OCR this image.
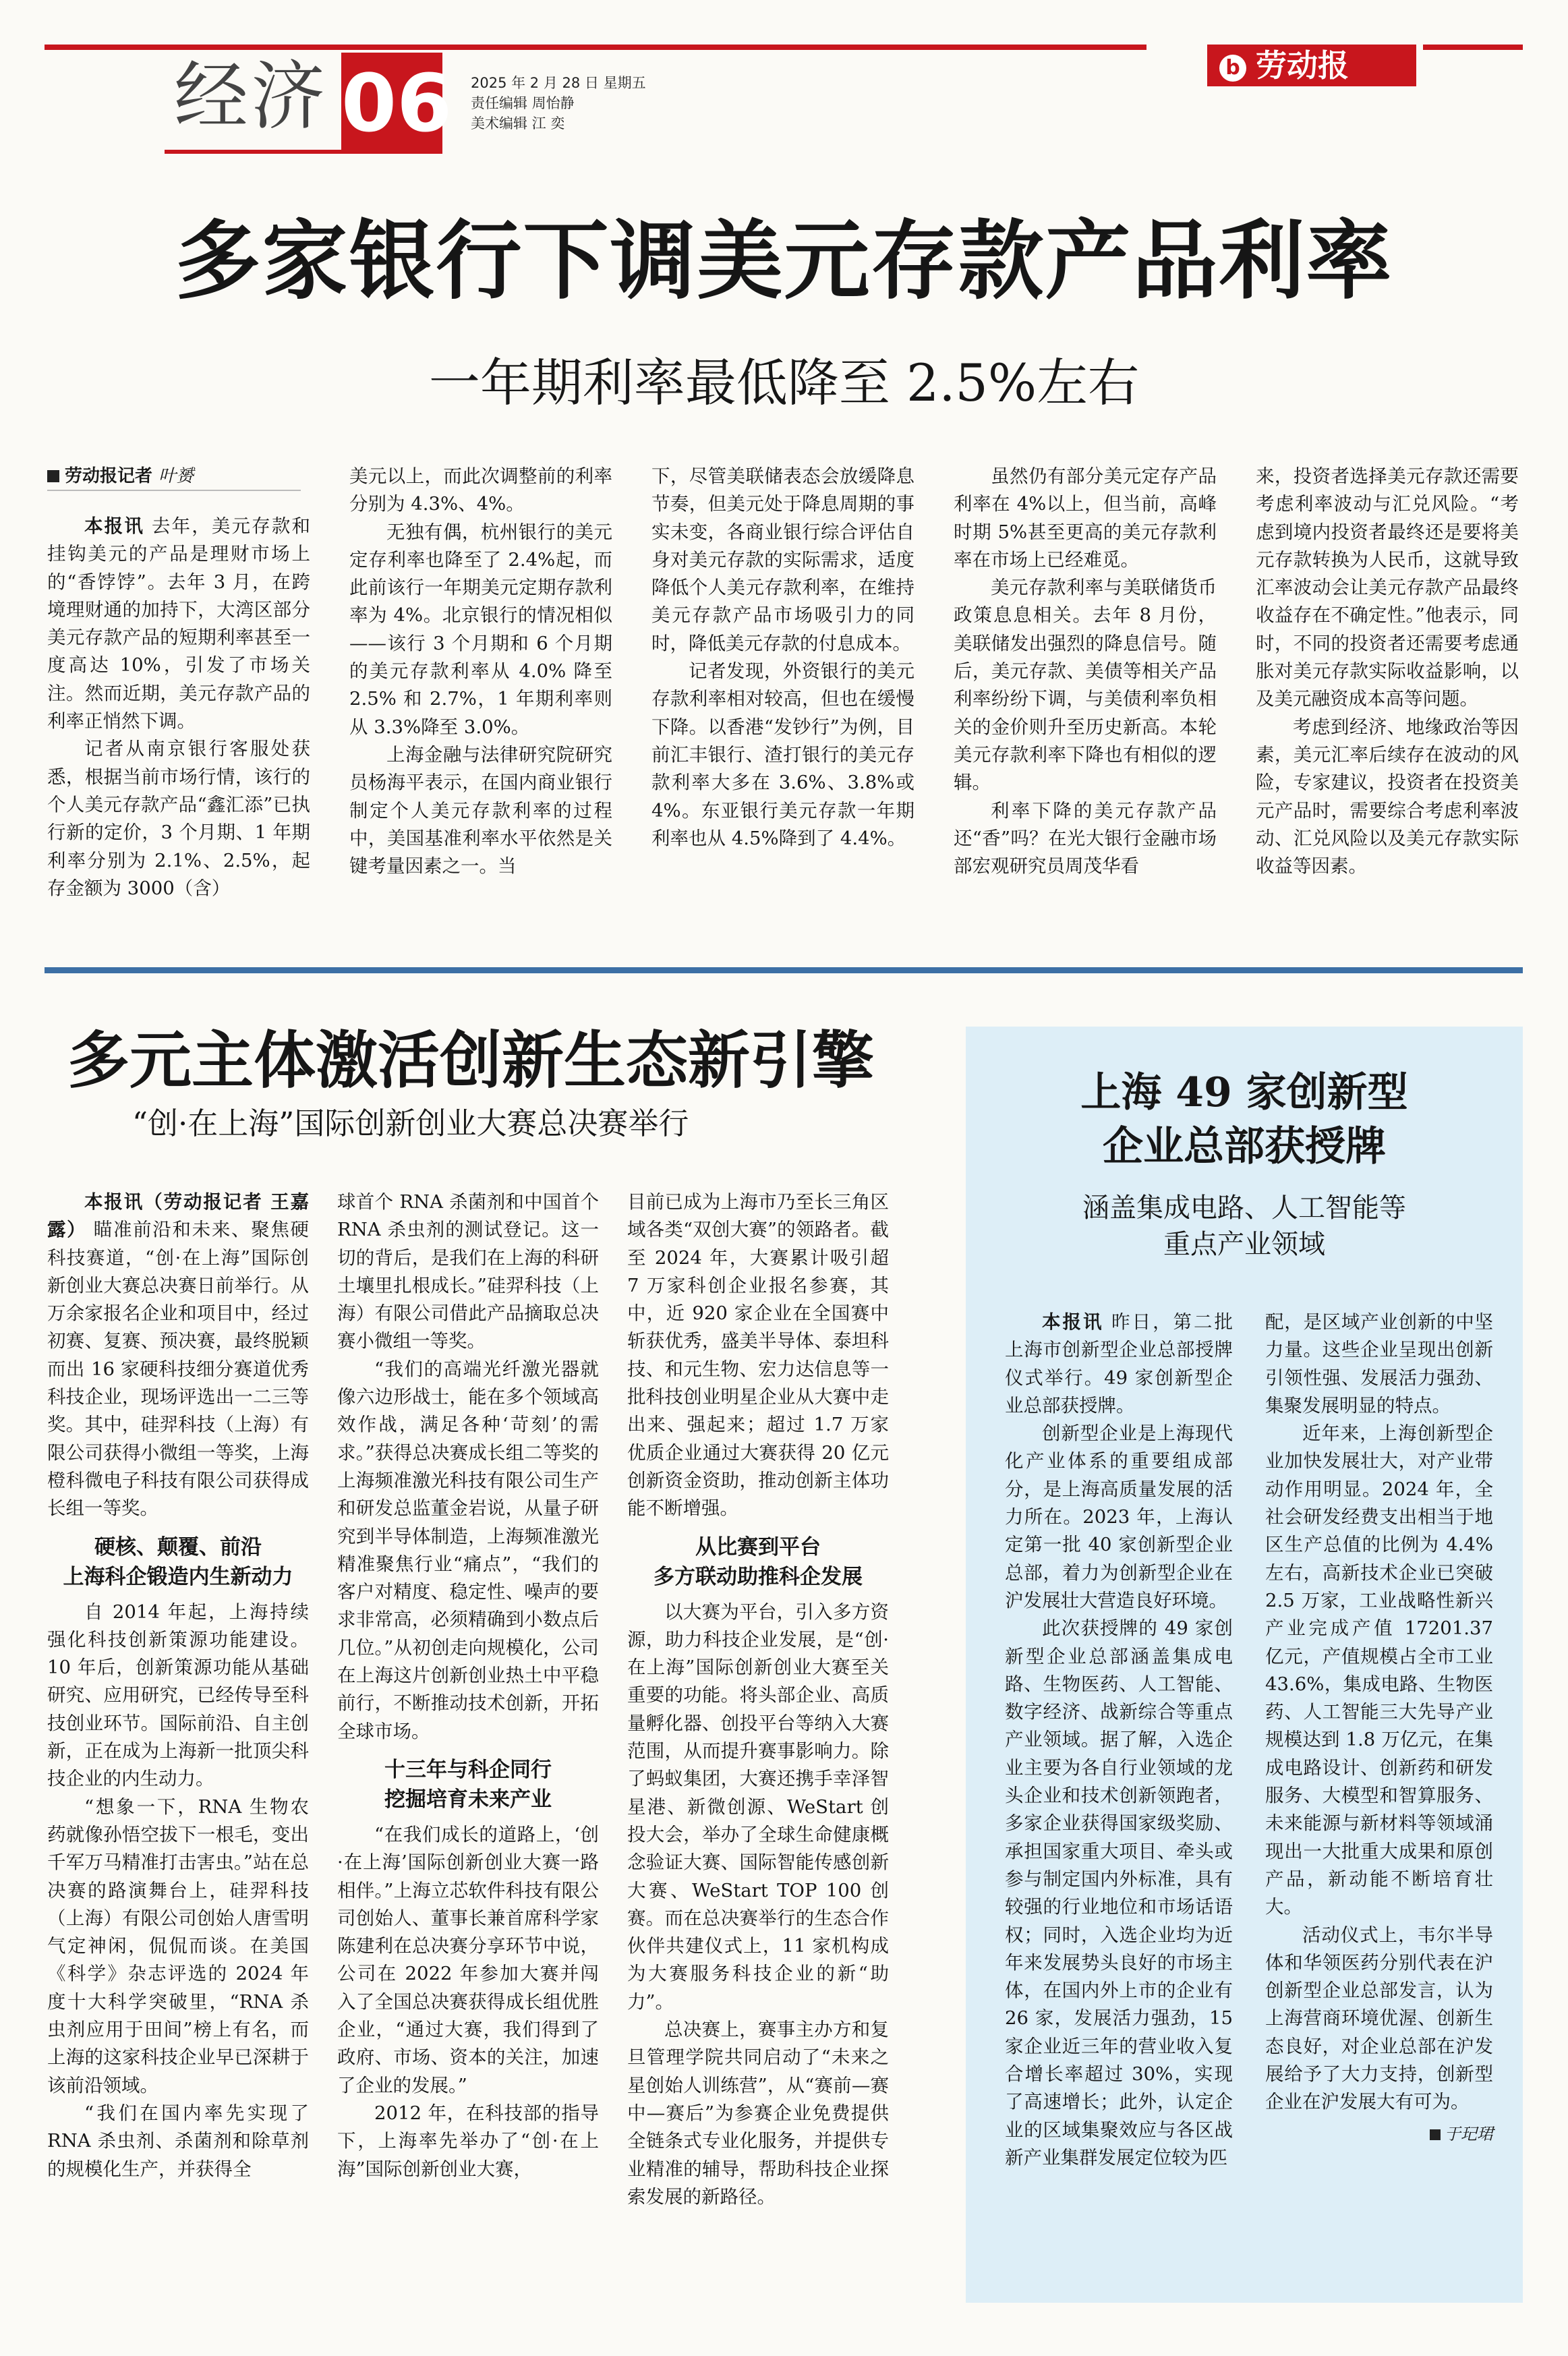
经济 06 2025 年 2 月 28 日 星期五
责任编辑 周怡静
美术编辑 江 奕
b 劳动报
多家银行下调美元存款产品利率
一年期利率最低降至 2.5%左右
劳动报记者 叶赟

本报讯 去年，美元存款和挂钩美元的产品是理财市场上的“香饽饽”。去年 3 月，在跨境理财通的加持下，大湾区部分美元存款产品的短期利率甚至一度高达 10%，引发了市场关注。然而近期，美元存款产品的利率正悄然下调。

记者从南京银行客服处获悉，根据当前市场行情，该行的个人美元存款产品“鑫汇添”已执行新的定价，3 个月期、1 年期利率分别为 2.1%、2.5%，起存金额为 3000（含）

美元以上，而此次调整前的利率分别为 4.3%、4%。

无独有偶，杭州银行的美元定存利率也降至了 2.4%起，而此前该行一年期美元定期存款利率为 4%。北京银行的情况相似——该行 3 个月期和 6 个月期的美元存款利率从 4.0% 降至 2.5% 和 2.7%，1 年期利率则从 3.3%降至 3.0%。

上海金融与法律研究院研究员杨海平表示，在国内商业银行制定个人美元存款利率的过程中，美国基准利率水平依然是关键考量因素之一。当

下，尽管美联储表态会放缓降息节奏，但美元处于降息周期的事实未变，各商业银行综合评估自身对美元存款的实际需求，适度降低个人美元存款利率，在维持美元存款产品市场吸引力的同时，降低美元存款的付息成本。

记者发现，外资银行的美元存款利率相对较高，但也在缓慢下降。以香港“发钞行”为例，目前汇丰银行、渣打银行的美元存款利率大多在 3.6%、3.8%或 4%。东亚银行美元存款一年期利率也从 4.5%降到了 4.4%。

虽然仍有部分美元定存产品利率在 4%以上，但当前，高峰时期 5%甚至更高的美元存款利率在市场上已经难觅。

美元存款利率与美联储货币政策息息相关。去年 8 月份，美联储发出强烈的降息信号。随后，美元存款、美债等相关产品利率纷纷下调，与美债利率负相关的金价则升至历史新高。本轮美元存款利率下降也有相似的逻辑。

利率下降的美元存款产品还“香”吗？在光大银行金融市场部宏观研究员周茂华看

来，投资者选择美元存款还需要考虑利率波动与汇兑风险。“考虑到境内投资者最终还是要将美元存款转换为人民币，这就导致汇率波动会让美元存款产品最终收益存在不确定性。”他表示，同时，不同的投资者还需要考虑通胀对美元存款实际收益影响，以及美元融资成本高等问题。

考虑到经济、地缘政治等因素，美元汇率后续存在波动的风险，专家建议，投资者在投资美元产品时，需要综合考虑利率波动、汇兑风险以及美元存款实际收益等因素。

多元主体激活创新生态新引擎
“创·在上海”国际创新创业大赛总决赛举行

本报讯（劳动报记者 王嘉露） 瞄准前沿和未来、聚焦硬科技赛道，“创·在上海”国际创新创业大赛总决赛日前举行。从万余家报名企业和项目中，经过初赛、复赛、预决赛，最终脱颖而出 16 家硬科技细分赛道优秀科技企业，现场评选出一二三等奖。其中，硅羿科技（上海）有限公司获得小微组一等奖，上海橙科微电子科技有限公司获得成长组一等奖。

硬核、颠覆、前沿
上海科企锻造内生新动力

自 2014 年起，上海持续强化科技创新策源功能建设。10 年后，创新策源功能从基础研究、应用研究，已经传导至科技创业环节。国际前沿、自主创新，正在成为上海新一批顶尖科技企业的内生动力。

“想象一下，RNA 生物农药就像孙悟空拔下一根毛，变出千军万马精准打击害虫。”站在总决赛的路演舞台上，硅羿科技（上海）有限公司创始人唐雪明气定神闲，侃侃而谈。在美国《科学》杂志评选的 2024 年度十大科学突破里，“RNA 杀虫剂应用于田间”榜上有名，而上海的这家科技企业早已深耕于该前沿领域。

“我们在国内率先实现了 RNA 杀虫剂、杀菌剂和除草剂的规模化生产，并获得全

球首个 RNA 杀菌剂和中国首个 RNA 杀虫剂的测试登记。这一切的背后，是我们在上海的科研土壤里扎根成长。”硅羿科技（上海）有限公司借此产品摘取总决赛小微组一等奖。

“我们的高端光纤激光器就像六边形战士，能在多个领域高效作战，满足各种‘苛刻’的需求。”获得总决赛成长组二等奖的上海频准激光科技有限公司生产和研发总监董金岩说，从量子研究到半导体制造，上海频准激光精准聚焦行业“痛点”，“我们的客户对精度、稳定性、噪声的要求非常高，必须精确到小数点后几位。”从初创走向规模化，公司在上海这片创新创业热土中平稳前行，不断推动技术创新，开拓全球市场。

十三年与科企同行
挖掘培育未来产业

“在我们成长的道路上，‘创·在上海’国际创新创业大赛一路相伴。”上海立芯软件科技有限公司创始人、董事长兼首席科学家陈建利在总决赛分享环节中说，公司在 2022 年参加大赛并闯入了全国总决赛获得成长组优胜企业，“通过大赛，我们得到了政府、市场、资本的关注，加速了企业的发展。”

2012 年，在科技部的指导下，上海率先举办了“创·在上海”国际创新创业大赛，

目前已成为上海市乃至长三角区域各类“双创大赛”的领路者。截至 2024 年，大赛累计吸引超 7 万家科创企业报名参赛，其中，近 920 家企业在全国赛中斩获优秀，盛美半导体、泰坦科技、和元生物、宏力达信息等一批科技创业明星企业从大赛中走出来、强起来；超过 1.7 万家优质企业通过大赛获得 20 亿元创新资金资助，推动创新主体功能不断增强。

从比赛到平台
多方联动助推科企发展

以大赛为平台，引入多方资源，助力科技企业发展，是“创·在上海”国际创新创业大赛至关重要的功能。将头部企业、高质量孵化器、创投平台等纳入大赛范围，从而提升赛事影响力。除了蚂蚁集团，大赛还携手幸泽智星港、新微创源、WeStart 创投大会，举办了全球生命健康概念验证大赛、国际智能传感创新大赛、WeStart TOP 100 创赛。而在总决赛举行的生态合作伙伴共建仪式上，11 家机构成为大赛服务科技企业的新“助力”。

总决赛上，赛事主办方和复旦管理学院共同启动了“未来之星创始人训练营”，从“赛前—赛中—赛后”为参赛企业免费提供全链条式专业化服务，并提供专业精准的辅导，帮助科技企业探索发展的新路径。

上海 49 家创新型
企业总部获授牌
涵盖集成电路、人工智能等
重点产业领域

本报讯 昨日，第二批上海市创新型企业总部授牌仪式举行。49 家创新型企业总部获授牌。

创新型企业是上海现代化产业体系的重要组成部分，是上海高质量发展的活力所在。2023 年，上海认定第一批 40 家创新型企业总部，着力为创新型企业在沪发展壮大营造良好环境。

此次获授牌的 49 家创新型企业总部涵盖集成电路、生物医药、人工智能、数字经济、战新综合等重点产业领域。据了解，入选企业主要为各自行业领域的龙头企业和技术创新领跑者，多家企业获得国家级奖励、承担国家重大项目、牵头或参与制定国内外标准，具有较强的行业地位和市场话语权；同时，入选企业均为近年来发展势头良好的市场主体，在国内外上市的企业有 26 家，发展活力强劲，15 家企业近三年的营业收入复合增长率超过 30%，实现了高速增长；此外，认定企业的区域集聚效应与各区战新产业集群发展定位较为匹

配，是区域产业创新的中坚力量。这些企业呈现出创新引领性强、发展活力强劲、集聚发展明显的特点。

近年来，上海创新型企业加快发展壮大，对产业带动作用明显。2024 年，全社会研发经费支出相当于地区生产总值的比例为 4.4%左右，高新技术企业已突破 2.5 万家，工业战略性新兴产业完成产值 17201.37 亿元，产值规模占全市工业 43.6%，集成电路、生物医药、人工智能三大先导产业规模达到 1.8 万亿元，在集成电路设计、创新药和研发服务、大模型和智算服务、未来能源与新材料等领域涌现出一大批重大成果和原创产品，新动能不断培育壮大。

活动仪式上，韦尔半导体和华领医药分别代表在沪创新型企业总部发言，认为上海营商环境优渥、创新生态良好，对企业总部在沪发展给予了大力支持，创新型企业在沪发展大有可为。

于玘珺
